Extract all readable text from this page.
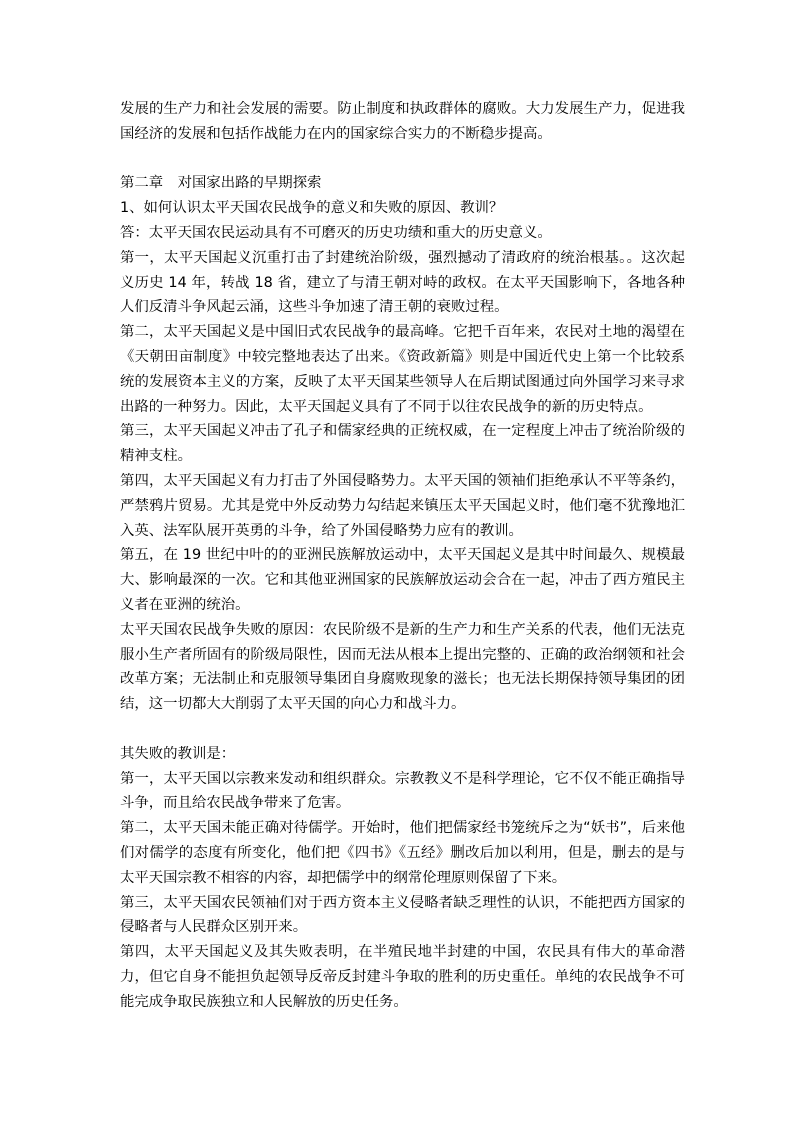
发展的生产力和社会发展的需要。防止制度和执政群体的腐败。大力发展生产力，促进我国经济的发展和包括作战能力在内的国家综合实力的不断稳步提高。

第二章　对国家出路的早期探索

1、如何认识太平天国农民战争的意义和失败的原因、教训？

答：太平天国农民运动具有不可磨灭的历史功绩和重大的历史意义。

第一，太平天国起义沉重打击了封建统治阶级，强烈撼动了清政府的统治根基。。这次起义历史 14 年，转战 18 省，建立了与清王朝对峙的政权。在太平天国影响下，各地各种人们反清斗争风起云涌，这些斗争加速了清王朝的衰败过程。

第二，太平天国起义是中国旧式农民战争的最高峰。它把千百年来，农民对土地的渴望在《天朝田亩制度》中较完整地表达了出来。《资政新篇》则是中国近代史上第一个比较系统的发展资本主义的方案，反映了太平天国某些领导人在后期试图通过向外国学习来寻求出路的一种努力。因此，太平天国起义具有了不同于以往农民战争的新的历史特点。

第三，太平天国起义冲击了孔子和儒家经典的正统权威，在一定程度上冲击了统治阶级的精神支柱。

第四，太平天国起义有力打击了外国侵略势力。太平天国的领袖们拒绝承认不平等条约，严禁鸦片贸易。尤其是党中外反动势力勾结起来镇压太平天国起义时，他们毫不犹豫地汇入英、法军队展开英勇的斗争，给了外国侵略势力应有的教训。

第五，在 19 世纪中叶的的亚洲民族解放运动中，太平天国起义是其中时间最久、规模最大、影响最深的一次。它和其他亚洲国家的民族解放运动会合在一起，冲击了西方殖民主义者在亚洲的统治。

太平天国农民战争失败的原因：农民阶级不是新的生产力和生产关系的代表，他们无法克服小生产者所固有的阶级局限性，因而无法从根本上提出完整的、正确的政治纲领和社会改革方案；无法制止和克服领导集团自身腐败现象的滋长；也无法长期保持领导集团的团结，这一切都大大削弱了太平天国的向心力和战斗力。

其失败的教训是：

第一，太平天国以宗教来发动和组织群众。宗教教义不是科学理论，它不仅不能正确指导斗争，而且给农民战争带来了危害。

第二，太平天国未能正确对待儒学。开始时，他们把儒家经书笼统斥之为“妖书”，后来他们对儒学的态度有所变化，他们把《四书》《五经》删改后加以利用，但是，删去的是与太平天国宗教不相容的内容，却把儒学中的纲常伦理原则保留了下来。

第三，太平天国农民领袖们对于西方资本主义侵略者缺乏理性的认识，不能把西方国家的侵略者与人民群众区别开来。

第四，太平天国起义及其失败表明，在半殖民地半封建的中国，农民具有伟大的革命潜力，但它自身不能担负起领导反帝反封建斗争取的胜利的历史重任。单纯的农民战争不可能完成争取民族独立和人民解放的历史任务。
